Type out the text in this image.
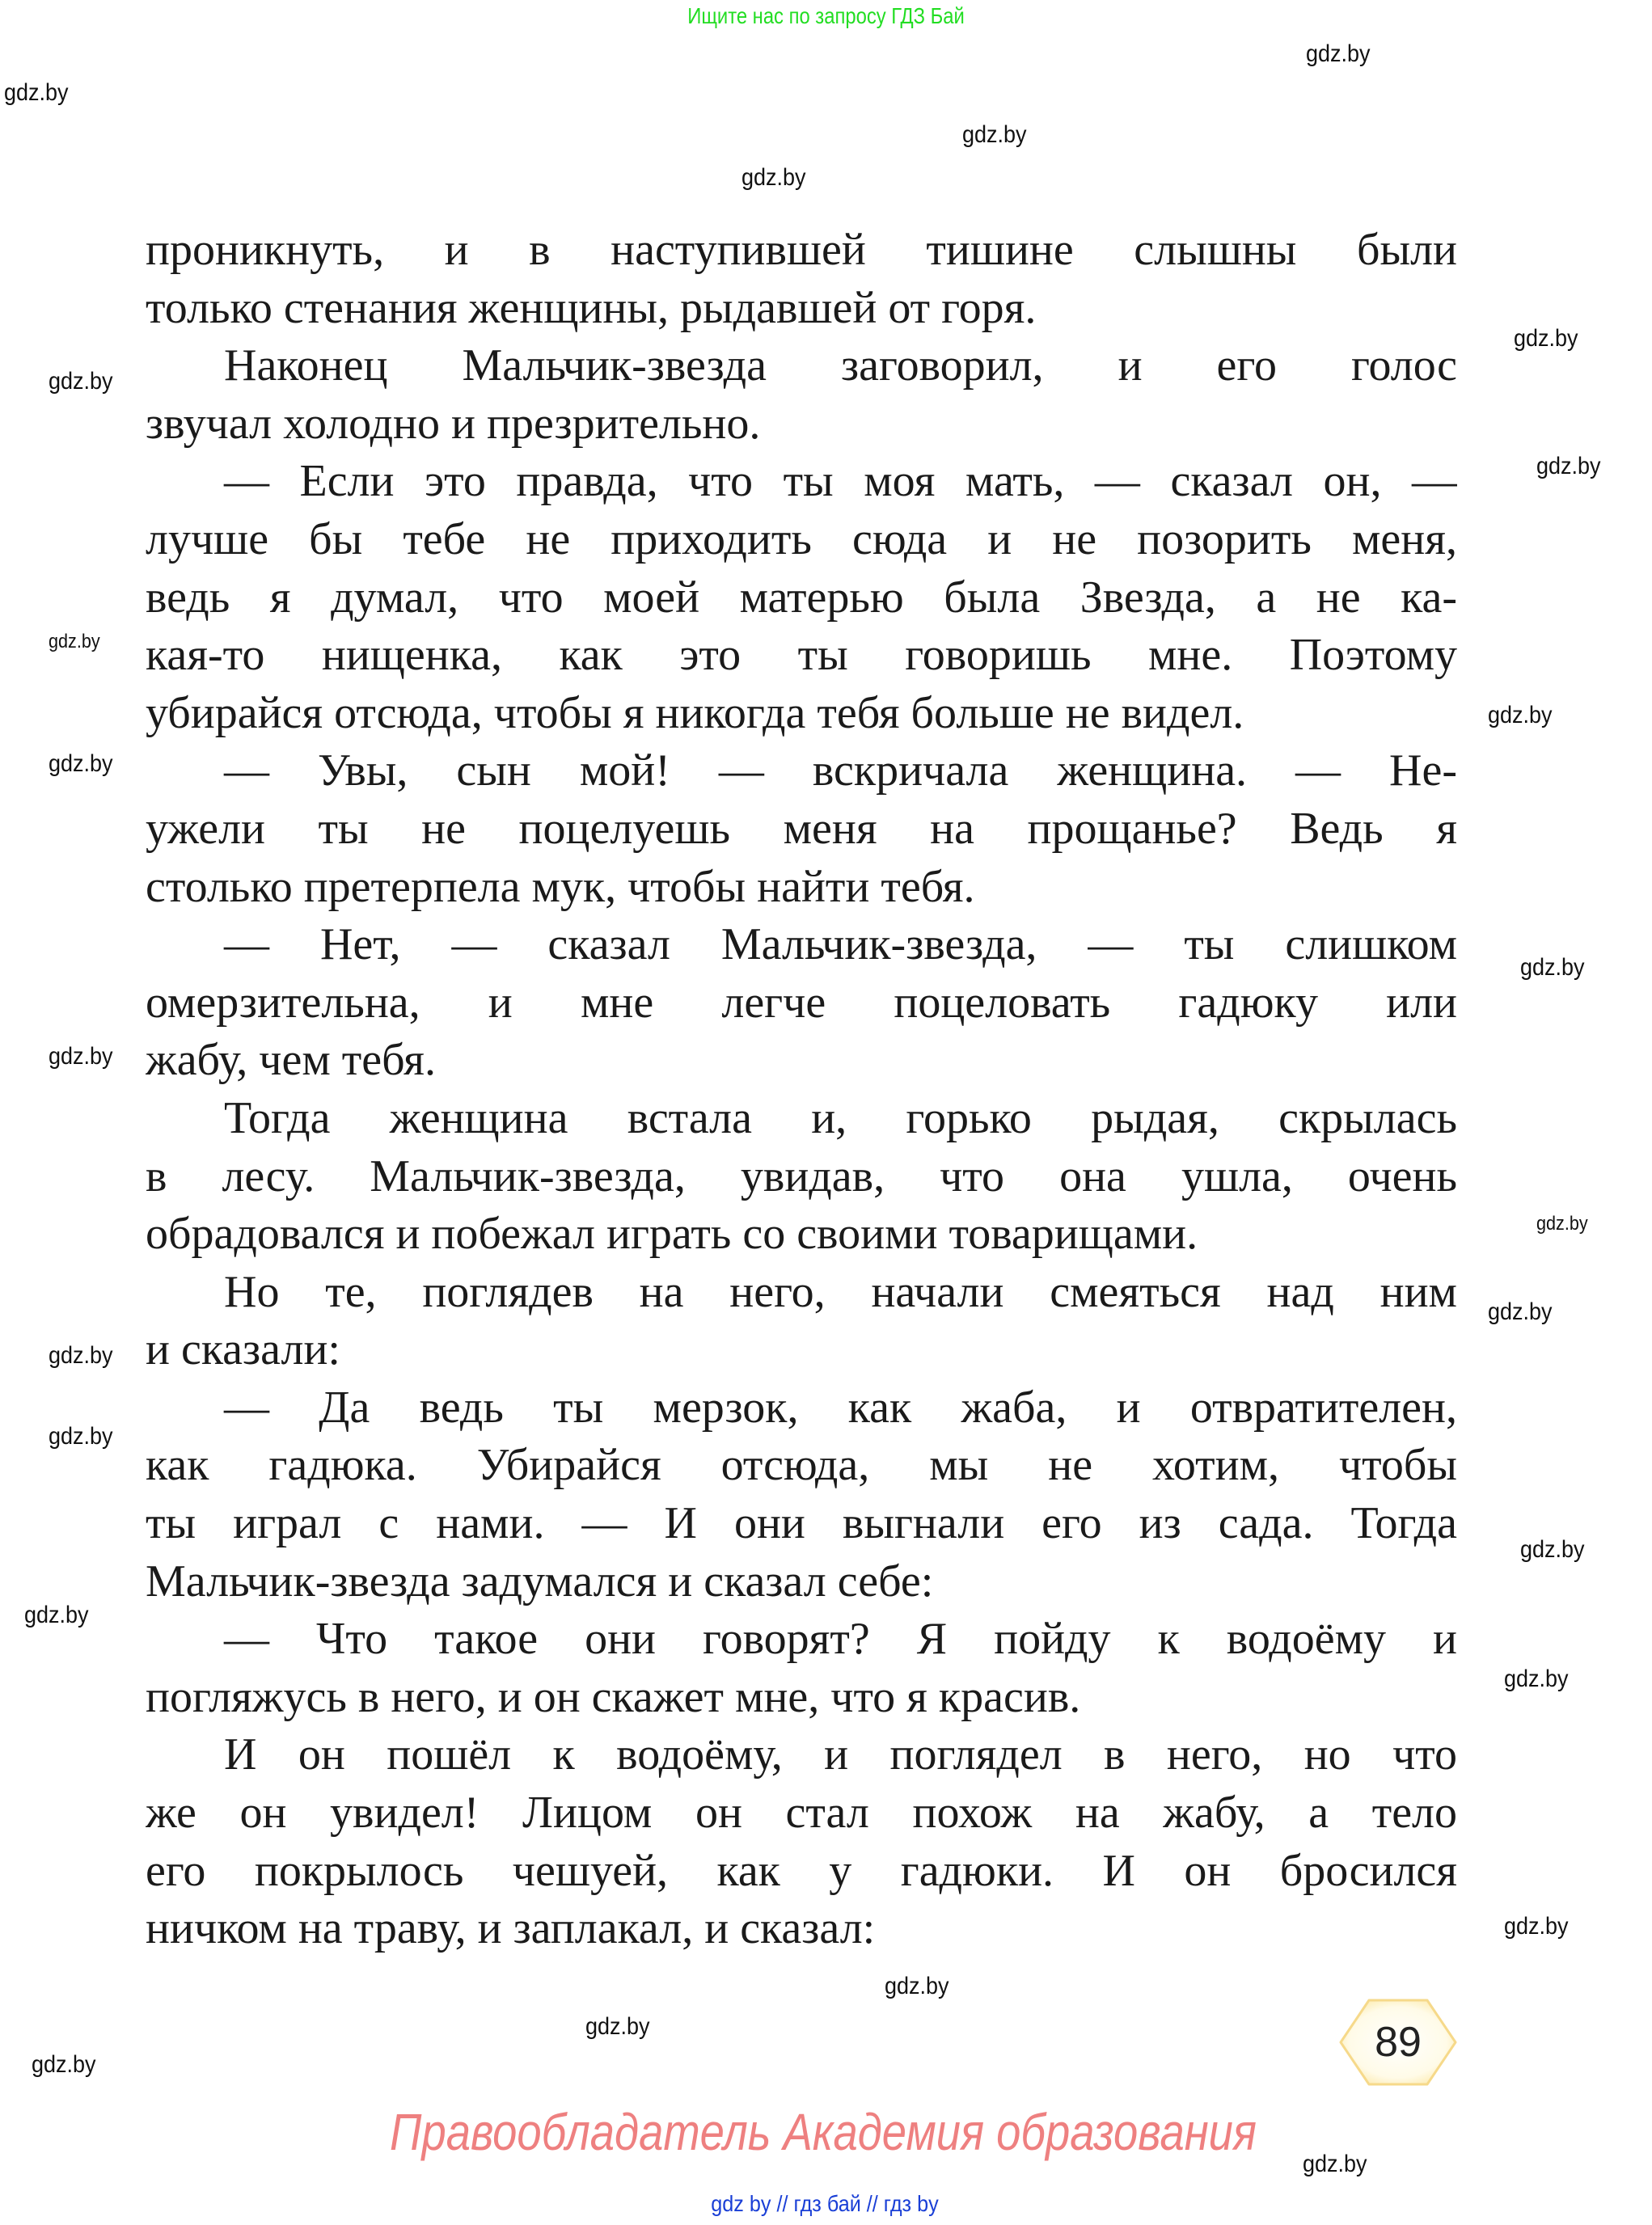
Ищите нас по запросу ГДЗ Бай
gdz.by
gdz.by
gdz.by
gdz.by
gdz.by
gdz.by
gdz.by
gdz.by
gdz.by
gdz.by
gdz.by
gdz.by
gdz.by
gdz.by
gdz.by
gdz.by
gdz.by
gdz.by
gdz.by
gdz.by
gdz.by
gdz.by
gdz.by
gdz.by
проникнуть, и в наступившей тишине слышны были
только стенания женщины, рыдавшей от горя.
Наконец Мальчик-звезда заговорил, и его голос
звучал холодно и презрительно.
— Если это правда, что ты моя мать, — сказал он, —
лучше бы тебе не приходить сюда и не позорить меня,
ведь я думал, что моей матерью была Звезда, а не ка-
кая-то нищенка, как это ты говоришь мне. Поэтому
убирайся отсюда, чтобы я никогда тебя больше не видел.
— Увы, сын мой! — вскричала женщина. — Не-
ужели ты не поцелуешь меня на прощанье? Ведь я
столько претерпела мук, чтобы найти тебя.
— Нет, — сказал Мальчик-звезда, — ты слишком
омерзительна, и мне легче поцеловать гадюку или
жабу, чем тебя.
Тогда женщина встала и, горько рыдая, скрылась
в лесу. Мальчик-звезда, увидав, что она ушла, очень
обрадовался и побежал играть со своими товарищами.
Но те, поглядев на него, начали смеяться над ним
и сказали:
— Да ведь ты мерзок, как жаба, и отвратителен,
как гадюка. Убирайся отсюда, мы не хотим, чтобы
ты играл с нами. — И они выгнали его из сада. Тогда
Мальчик-звезда задумался и сказал себе:
— Что такое они говорят? Я пойду к водоёму и
погляжусь в него, и он скажет мне, что я красив.
И он пошёл к водоёму, и поглядел в него, но что
же он увидел! Лицом он стал похож на жабу, а тело
его покрылось чешуей, как у гадюки. И он бросился
ничком на траву, и заплакал, и сказал:
89
Правообладатель Академия образования
gdz by // гдз бай // гдз by
